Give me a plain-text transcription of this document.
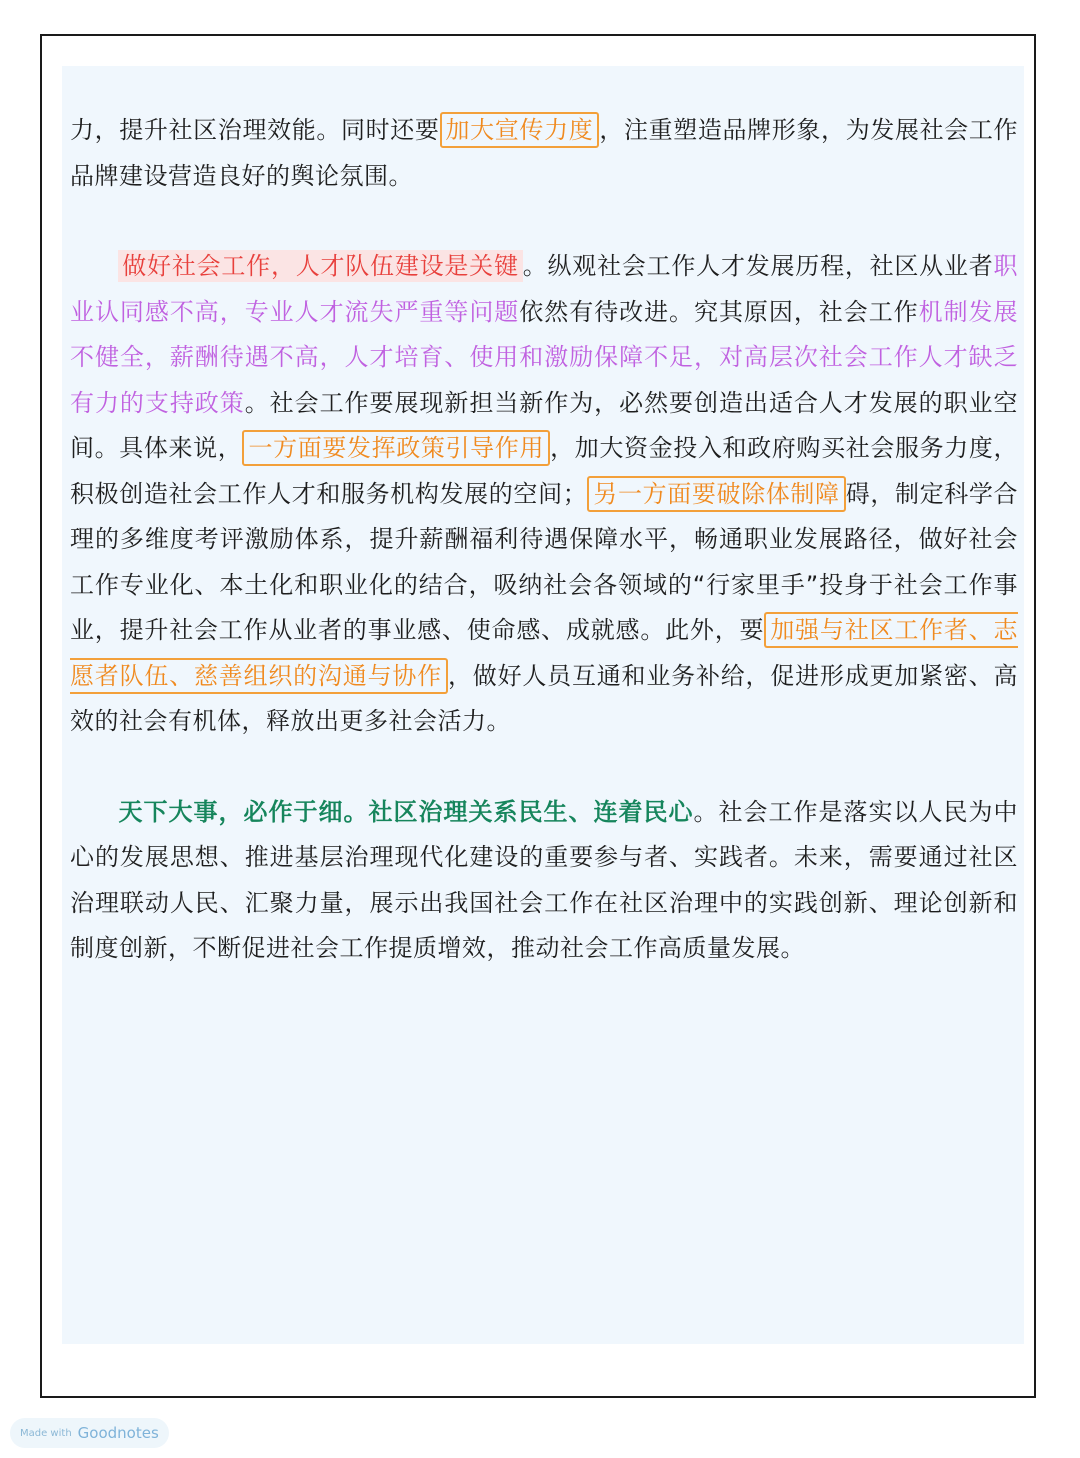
力，提升社区治理效能。同时还要 加大宣传力度 ，注重塑造品牌形象，为发展社会工作品牌建设营造良好的舆论氛围。

做好社会工作，人才队伍建设是关键 。纵观社会工作人才发展历程，社区从业者职业认同感不高，专业人才流失严重等问题依然有待改进。究其原因，社会工作机制发展不健全，薪酬待遇不高，人才培育、使用和激励保障不足，对高层次社会工作人才缺乏有力的支持政策。社会工作要展现新担当新作为，必然要创造出适合人才发展的职业空间。具体来说， 一方面要发挥政策引导作用 ，加大资金投入和政府购买社会服务力度，积极创造社会工作人才和服务机构发展的空间； 另一方面要破除体制障 碍，制定科学合理的多维度考评激励体系，提升薪酬福利待遇保障水平，畅通职业发展路径，做好社会工作专业化、本土化和职业化的结合，吸纳社会各领域的“行家里手”投身于社会工作事业，提升社会工作从业者的事业感、使命感、成就感。此外，要 加强与社区工作者、志愿者队伍、慈善组织的沟通与协作 ，做好人员互通和业务补给，促进形成更加紧密、高效的社会有机体，释放出更多社会活力。

天下大事，必作于细。社区治理关系民生、连着民心。社会工作是落实以人民为中心的发展思想、推进基层治理现代化建设的重要参与者、实践者。未来，需要通过社区治理联动人民、汇聚力量，展示出我国社会工作在社区治理中的实践创新、理论创新和制度创新，不断促进社会工作提质增效，推动社会工作高质量发展。

Made with Goodnotes
